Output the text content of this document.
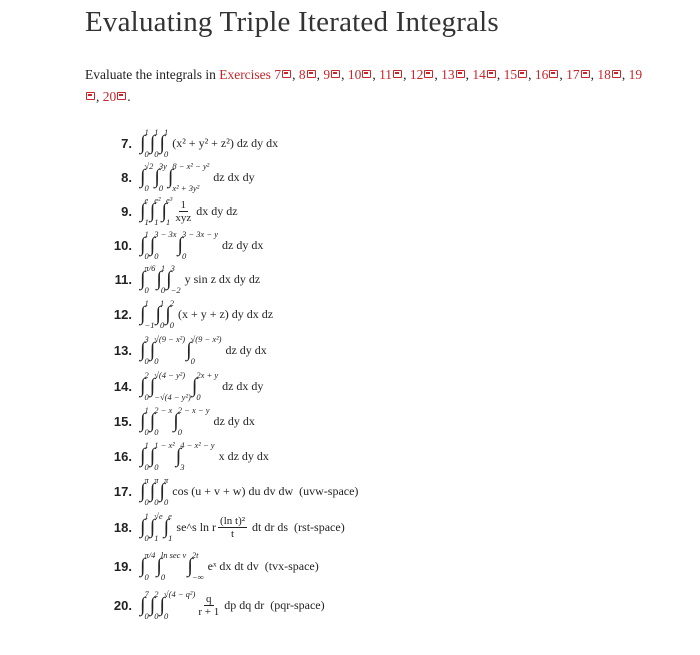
Evaluating Triple Iterated Integrals
Evaluate the integrals in Exercises 7 , 8 , 9 , 10 , 11 , 12 , 13 , 14 , 15 , 16 , 17 , 18 , 19, 20 .
7. ∫ 1
0 ∫ 1
0 ∫ 1
0
(x² + y² + z²) dz dy dx
8. ∫ √2
0 ∫ 3y
0 ∫ 8 − x² − y²
x² + 3y²
dz dx dy
9. ∫ e
1 ∫ e²
1 ∫ e³
$1 \frac{1}{\text{xyz}}$ dx dy dz
10. ∫ 1
0 ∫ 3 − 3x
0 ∫ 3 − 3x − y
0
dz dy dx
11. ∫ π/6
0 ∫ 1
0 ∫ 3
−2
y sin z dx dy dz
12. ∫ 1
−1 ∫ 1
0 ∫ 2
0
(x + y + z) dy dx dz
13. ∫ 3
0 ∫ √(9 − x²)
0	∫ √(9 − x²)
0
dz dy dx
14. ∫ 2
0 ∫ √(4 − y²)
−√(4 − y²) ∫ 2x + y
0
dz dx dy
15. ∫ 1
0 ∫ 2 − x
0 ∫ 2 − x − y
0
dz dy dx
16. ∫ 1
0 ∫ 1 − x²
0 ∫ 4 − x² − y
3
x dz dy dx
17. ∫ π
0 ∫ π
0 ∫ π
0
cos (u + v + w) du dv dw (uvw-space)
18. ∫ 1
0 ∫ √e
1 ∫ e
1
se^s ln r $\frac{\text{(ln t)²}}{t}$ dt dr ds (rst-space)
19. ∫ π/4
0 ∫ ln sec v
0	∫ 2t
−∞
eˣ dx dt dv (tvx-space)
20. ∫ 7
0 ∫ 2
0 ∫ √(4 − q²)
0	$\frac{q}{r + 1}$ dp dq dr (pqr-space)
